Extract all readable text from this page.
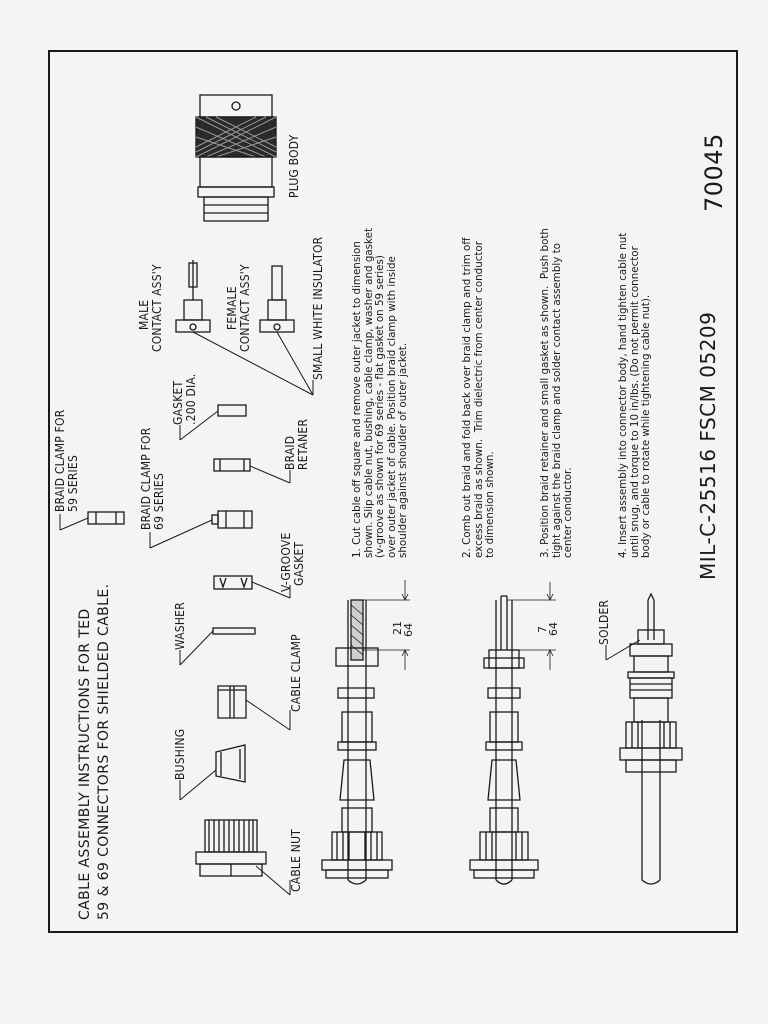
CABLE ASSEMBLY INSTRUCTIONS FOR TED 59 & 69 CONNECTORS FOR SHIELDED CABLE.	CABLE NUT
BUSHING
CABLE CLAMP
WASHER
V-GROOVE GASKET
BRAID CLAMP FOR 69 SERIES
BRAID CLAMP FOR 59 SERIES
BRAID RETANER
GASKET .200 DIA.
MALE CONTACT ASS'Y	FEMALE CONTACT ASS'Y	SMALL WHITE INSULATOR
PLUG BODY
SOLDER
21
64	7
64
1. Cut cable off square and remove outer jacket to dimension
shown. Slip cable nut, bushing, cable clamp, washer and gasket
(v-groove as shown for 69 series - flat gasket on 59 series)
over outer jacket of cable. Position braid clamp with inside
shoulder against shoulder of outer jacket.
2. Comb out braid and fold back over braid clamp and trim off
excess braid as shown.  Trim dielectric from center conductor
to dimension shown.
3. Position braid retainer and small gasket as shown.  Push both
tight against the braid clamp and solder contact assembly to
center conductor.
4. Insert assembly into connector body, hand tighten cable nut
until snug, and torque to 10 in/lbs. (Do not permit connector
body or cable to rotate while tightening cable nut).
MIL-C-25516 FSCM 05209
70045
